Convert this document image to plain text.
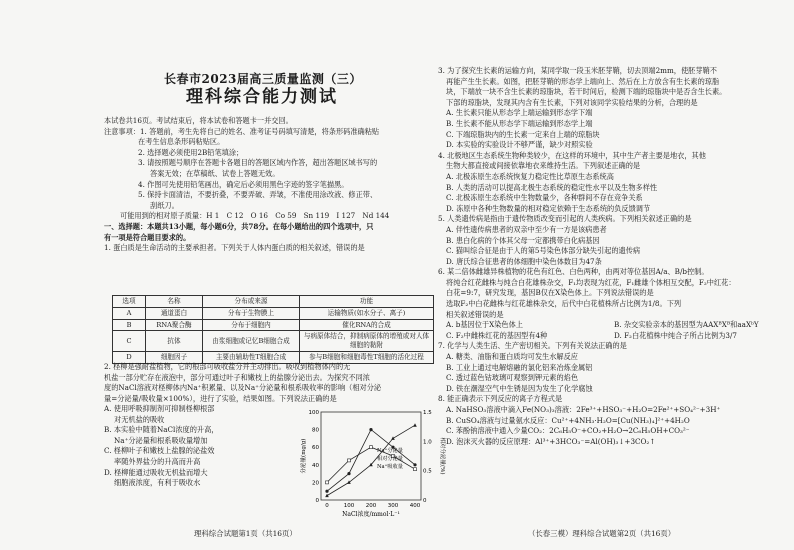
长春市2023届高三质量监测（三）
理科综合能力测试
本试卷共16页。考试结束后，将本试卷和答题卡一并交回。
注意事项：1. 答题前，考生先将自己的姓名、准考证号码填写清楚，将条形码准确粘贴
在考生信息条形码粘贴区。
2. 选择题必须使用2B铅笔填涂；
3. 请按照题号顺序在答题卡各题目的答题区域内作答，超出答题区域书写的
答案无效；在草稿纸、试卷上答题无效。
4. 作图可先使用铅笔画出，确定后必须用黑色字迹的签字笔描黑。
5. 保持卡面清洁，不要折叠，不要弄破、弄皱，不准使用涂改液、修正带、
刮纸刀。
可能用到的相对原子质量：H 1　C 12　O 16　Co 59　Sn 119　I 127　Nd 144
一、选择题：本题共13小题，每小题6分，共78分。在每小题给出的四个选项中，只
有一项是符合题目要求的。
1. 蛋白质是生命活动的主要承担者。下列关于人体内蛋白质的相关叙述，错误的是
选项	名称	分布或来源	功能
A	通道蛋白	分布于生物膜上	运输物质(如水分子、离子)
B	RNA聚合酶	分布于细胞内	催化RNA的合成
C	抗体	由浆细胞或记忆B细胞合成	与病原体结合，抑制病原体的增殖或对人体细胞的黏附
D	细胞因子	主要由辅助性T细胞合成	参与B细胞和细胞毒性T细胞的活化过程
2. 柽柳是强耐盐植物，它的根部可吸收盐分并主动排出。吸收到植物体内的无
机盐一部分贮存在液泡中，部分可通过叶子和嫩枝上的盐腺分泌出去。为探究不同浓
度的NaCl溶液对柽柳体内Na⁺积累量、以及Na⁺分泌量和根系吸收率的影响（相对分泌
量=分泌量/吸收量×100%），进行了实验，结果如图。下列说法正确的是
A. 使用呼吸抑制剂可抑制柽柳根部
对无机盐的吸收
B. 本实验中随着NaCl浓度的升高，
Na⁺分泌量和根系吸收量增加
C. 柽柳叶子和嫩枝上盐腺的泌盐效
率随外界盐分的升高而升高
D. 柽柳能通过吸收无机盐而增大
细胞液浓度，有利于吸收水
100
80
60
40
20
0
1.5
1.0
0.5
0
0	100 200 300 400
NaCl浓度/mmol·L⁻¹
分泌量(mg/g)	相对分泌量(%)
Na⁺分泌量
相对分泌量
Na⁺吸收量
理科综合试题第1页（共16页）
3. 为了探究生长素的运输方向，某同学取一段玉米胚芽鞘，切去顶端2mm，使胚芽鞘不
再能产生生长素。如图，把胚芽鞘的形态学上端向上、然后在上方放含有生长素的琼脂
块，下端放一块不含生长素的琼脂块，若干时间后，检测下端的琼脂块中是否含生长素。
下部的琼脂块，发现其内含有生长素，下列对该同学实验结果的分析，合理的是
A. 生长素只能从形态学上端运输到形态学下端
B. 生长素不能从形态学下端运输到形态学上端
C. 下端琼脂块内的生长素一定来自上端的琼脂块
D. 本实验的实验设计不够严谨，缺少对照实验
4. 北极地区生态系统生物种类较少，在这样的环境中，其中生产者主要是地衣，其他
生物大都直接或间接依靠地衣来维持生活。下列叙述正确的是
A. 北极冻原生态系统恢复力稳定性比草原生态系统高
B. 人类的活动可以提高北极生态系统的稳定性水平以及生物多样性
C. 北极冻原生态系统中生物数量少，各种群间不存在竞争关系
D. 冻原中各种生物数量的相对稳定依赖于生态系统的负反馈调节
5. 人类遗传病是指由于遗传物质改变而引起的人类疾病。下列相关叙述正确的是
A. 伴性遗传病患者的双亲中至少有一方是该病患者
B. 患白化病的个体其父母一定都携带白化病基因
C. 猫叫综合征是由于人的第5号染色体部分缺失引起的遗传病
D. 唐氏综合征患者的体细胞中染色体数目为47条
6. 某二倍体雌雄异株植物的花色有红色、白色两种，由两对等位基因A/a、B/b控制。
将纯合红花雌株与纯合白花雄株杂交，F₁均表现为红花，F₁雌雄个体相互交配，F₂中红花：
白花=9:7，研究发现，基因B仅在X染色体上。下列说法错误的是
选取F₂中白花雌株与红花雄株杂交，后代中白花植株所占比例为1/8。下列
相关叙述错误的是
A. b基因位于X染色体上	B. 杂交实验亲本的基因型为AAXᴮXᴮ和aaXᵇY
C. F₂中雌株红花的基因型有4种	D. F₂白花植株中纯合子所占比例为3/7
7. 化学与人类生活、生产密切相关。下列有关说法正确的是
A. 糖类、油脂和蛋白质均可发生水解反应
B. 工业上通过电解熔融的氯化铝来冶炼金属铝
C. 透过蓝色钴玻璃可观察到钾元素的焰色
D. 铁在潮湿空气中生锈是因为发生了化学腐蚀
8. 能正确表示下列反应的离子方程式是
A. NaHSO₃溶液中滴入Fe(NO₃)₃溶液：2Fe³⁺+HSO₃⁻+H₂O=2Fe²⁺+SO₄²⁻+3H⁺
B. CuSO₄溶液与过量氨水反应：Cu²⁺+4NH₃·H₂O=[Cu(NH₃)₄]²⁺+4H₂O
C. 苯酚钠溶液中通入少量CO₂：2C₆H₅O⁻+CO₂+H₂O→2C₆H₅OH+CO₃²⁻
D. 泡沫灭火器的反应原理：Al³⁺+3HCO₃⁻=Al(OH)₃↓+3CO₂↑
（长春三模）理科综合试题第2页（共16页）
